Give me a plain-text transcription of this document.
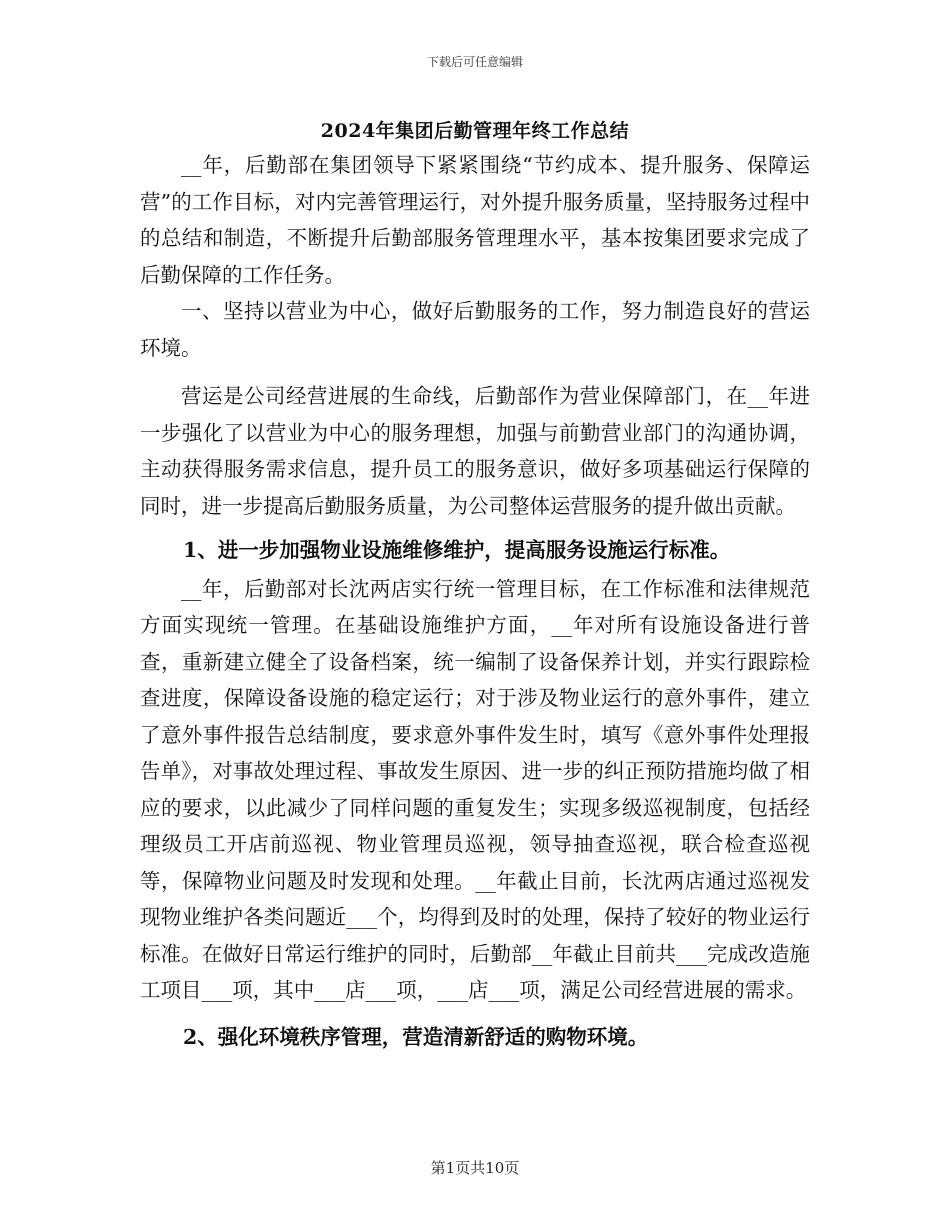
下载后可任意编辑
2024年集团后勤管理年终工作总结

__年，后勤部在集团领导下紧紧围绕“节约成本、提升服务、保障运营”的工作目标，对内完善管理运行，对外提升服务质量，坚持服务过程中的总结和制造，不断提升后勤部服务管理理水平，基本按集团要求完成了后勤保障的工作任务。

一、坚持以营业为中心，做好后勤服务的工作，努力制造良好的营运环境。

营运是公司经营进展的生命线，后勤部作为营业保障部门，在__年进一步强化了以营业为中心的服务理想，加强与前勤营业部门的沟通协调，主动获得服务需求信息，提升员工的服务意识，做好多项基础运行保障的同时，进一步提高后勤服务质量，为公司整体运营服务的提升做出贡献。

1、进一步加强物业设施维修维护，提高服务设施运行标准。

__年，后勤部对长沈两店实行统一管理目标，在工作标准和法律规范方面实现统一管理。在基础设施维护方面，__年对所有设施设备进行普查，重新建立健全了设备档案，统一编制了设备保养计划，并实行跟踪检查进度，保障设备设施的稳定运行；对于涉及物业运行的意外事件，建立了意外事件报告总结制度，要求意外事件发生时，填写《意外事件处理报告单》，对事故处理过程、事故发生原因、进一步的纠正预防措施均做了相应的要求，以此减少了同样问题的重复发生；实现多级巡视制度，包括经理级员工开店前巡视、物业管理员巡视，领导抽查巡视，联合检查巡视等，保障物业问题及时发现和处理。__年截止目前，长沈两店通过巡视发现物业维护各类问题近___个，均得到及时的处理，保持了较好的物业运行标准。在做好日常运行维护的同时，后勤部__年截止目前共___完成改造施工项目___项，其中___店___项，___店___项，满足公司经营进展的需求。

2、强化环境秩序管理，营造清新舒适的购物环境。

第1页共10页
